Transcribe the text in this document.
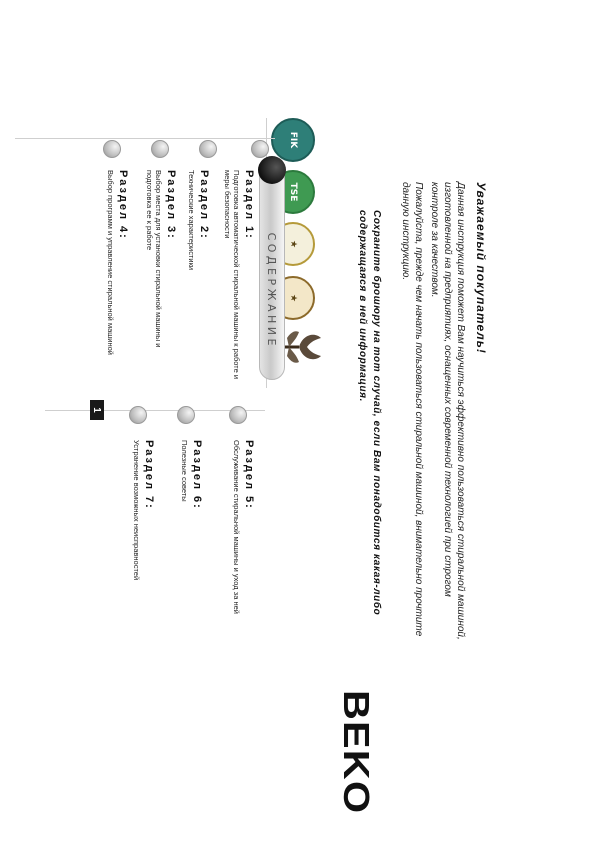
FIK
TSE
★
★	Уважаемый покупатель!
Данная инструкция поможет Вам научиться эффективно пользоваться стиральной машиной, изготовленной на предприятиях, оснащенных современной технологией при строгом контроле за качеством.
Пожалуйста, прежде чем начать пользоваться стиральной машиной, внимательно прочтите данную инструкцию.
Сохраните брошюру на тот случай, если Вам понадобится какая-либо содержащаяся в ней информация.
BEKO
С О Д Е Р Ж А Н И Е
Раздел 1:
Подготовка автоматической стиральной машины к работе и меры безопасности
Раздел 2:
Технические характеристики
Раздел 3:
Выбор места для установки стиральной машины и подготовка ее к работе
Раздел 4:
Выбор программ и управление стиральной машиной
Раздел 5:
Обслуживание стиральной машины и уход за ней
Раздел 6:
Полезные советы
Раздел 7:
Устранение возможных неисправностей
1
